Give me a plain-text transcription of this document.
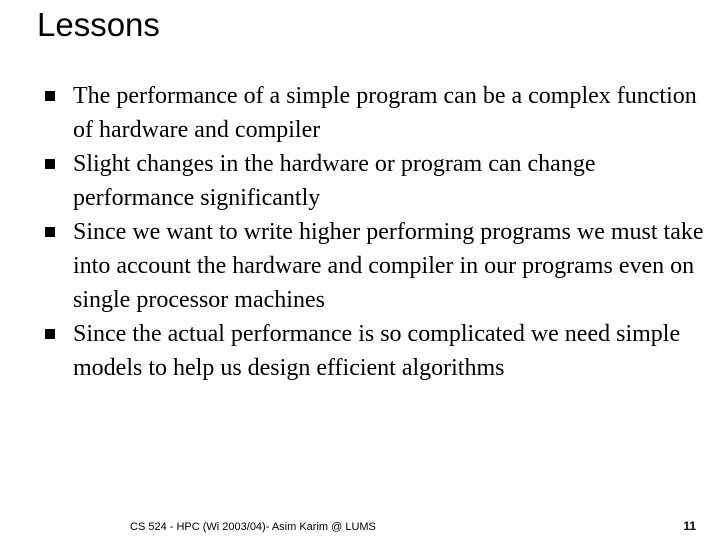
Lessons
The performance of a simple program can be a complex function of hardware and compiler
Slight changes in the hardware or program can change performance significantly
Since we want to write higher performing programs we must take into account the hardware and compiler in our programs even on single processor machines
Since the actual performance is so complicated we need simple models to help us design efficient algorithms
CS 524 - HPC (Wi 2003/04)- Asim Karim @ LUMS	11
